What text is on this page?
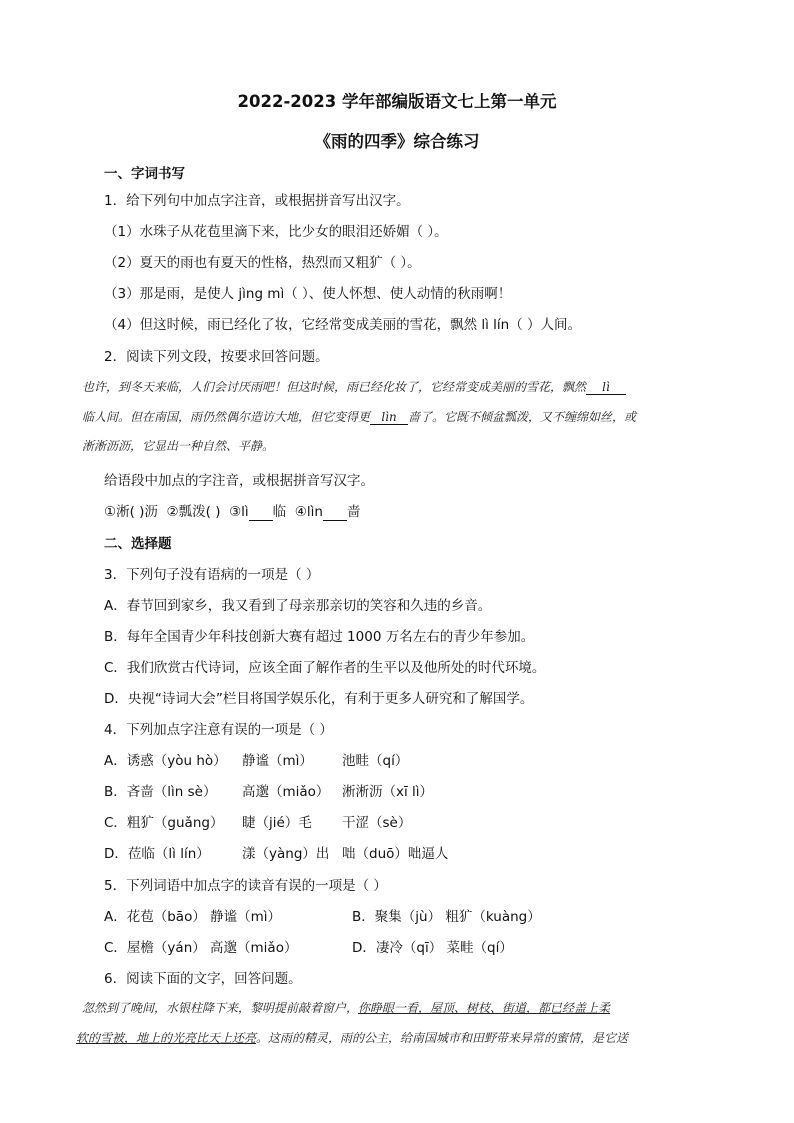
2022-2023 学年部编版语文七上第一单元
《雨的四季》综合练习
一、字词书写
1．给下列句中加点字注音，或根据拼音写出汉字。
（1）水珠子从花苞里滴下来，比少女的眼泪还娇媚（ ）。
（2）夏天的雨也有夏天的性格，热烈而又粗犷（ ）。
（3）那是雨，是使人 jìng mì（ ）、使人怀想、使人动情的秋雨啊！
（4）但这时候，雨已经化了妆，它经常变成美丽的雪花，飘然 lì lín（ ）人间。
2．阅读下列文段，按要求回答问题。
也许，到冬天来临，人们会讨厌雨吧！但这时候，雨已经化妆了，它经常变成美丽的雪花，飘然 lì
临人间。但在南国，雨仍然偶尔造访大地，但它变得更 lìn 啬了。它既不倾盆瓢泼，又不缠绵如丝，或
淅淅沥沥，它显出一种自然、平静。
给语段中加点的字注音，或根据拼音写汉字。
①淅( )沥 ②瓢泼( ) ③lì 临 ④lìn 啬
二、选择题
3．下列句子没有语病的一项是（ ）
A．春节回到家乡，我又看到了母亲那亲切的笑容和久违的乡音。
B．每年全国青少年科技创新大赛有超过 1000 万名左右的青少年参加。
C．我们欣赏古代诗词，应该全面了解作者的生平以及他所处的时代环境。
D．央视“诗词大会”栏目将国学娱乐化，有利于更多人研究和了解国学。
4．下列加点字注意有误的一项是（ ）
A．诱惑（yòu hò） 静谧（mì） 池畦（qí）
B．吝啬（lìn sè） 高邈（miǎo） 淅淅沥（xī lì）
C．粗犷（guǎng） 睫（jié）毛 干涩（sè）
D．莅临（lì lín） 漾（yàng）出 咄（duō）咄逼人
5．下列词语中加点字的读音有误的一项是（ ）
A．花苞（bāo） 静谧（mì）	B．聚集（jù） 粗犷（kuàng）
C．屋檐（yán） 高邈（miǎo）	D．凄冷（qī） 菜畦（qí）
6．阅读下面的文字，回答问题。
忽然到了晚间，水银柱降下来，黎明提前敲着窗户，你睁眼一看，屋顶、树枝、街道，都已经盖上柔
软的雪被，地上的光亮比天上还亮。这雨的精灵，雨的公主，给南国城市和田野带来异常的蜜情，是它送
